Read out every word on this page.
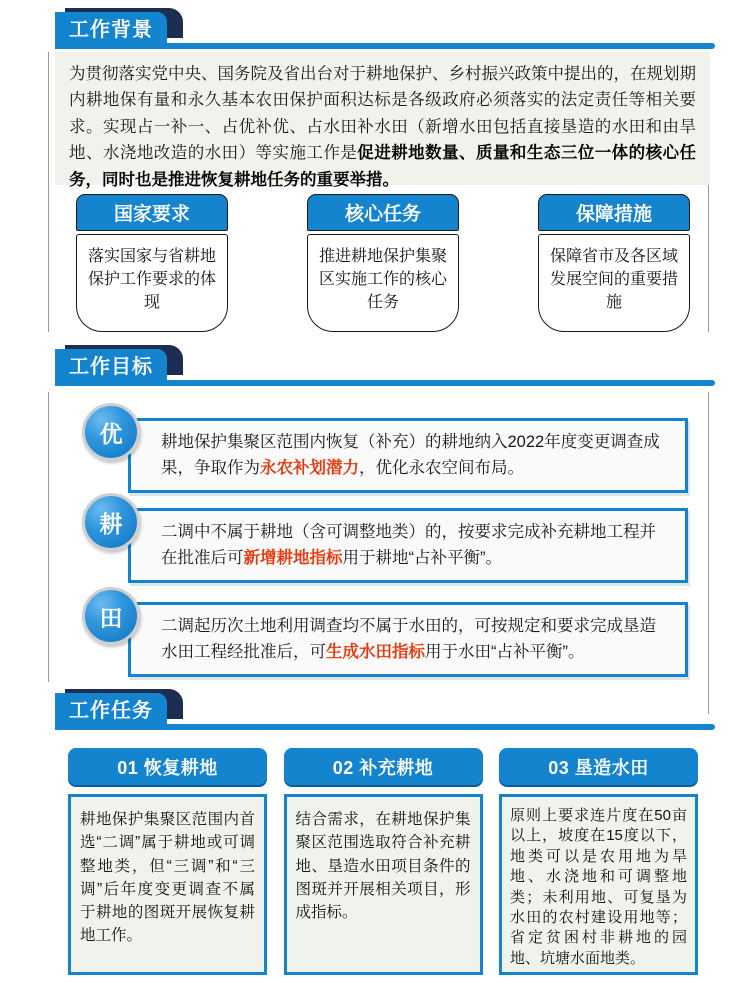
工作背景
为贯彻落实党中央、国务院及省出台对于耕地保护、乡村振兴政策中提出的，在规划期内耕地保有量和永久基本农田保护面积达标是各级政府必须落实的法定责任等相关要求。实现占一补一、占优补优、占水田补水田（新增水田包括直接垦造的水田和由旱地、水浇地改造的水田）等实施工作是促进耕地数量、质量和生态三位一体的核心任务，同时也是推进恢复耕地任务的重要举措。
国家要求
落实国家与省耕地保护工作要求的体现
核心任务
推进耕地保护集聚区实施工作的核心任务
保障措施
保障省市及各区域发展空间的重要措施
工作目标
优	耕地保护集聚区范围内恢复（补充）的耕地纳入2022年度变更调查成果，争取作为永农补划潜力，优化永农空间布局。
耕	二调中不属于耕地（含可调整地类）的，按要求完成补充耕地工程并在批准后可新增耕地指标用于耕地“占补平衡”。
田	二调起历次土地利用调查均不属于水田的，可按规定和要求完成垦造水田工程经批准后，可生成水田指标用于水田“占补平衡”。
工作任务
01 恢复耕地
耕地保护集聚区范围内首选“二调”属于耕地或可调整地类，但“三调”和“三调”后年度变更调查不属于耕地的图斑开展恢复耕地工作。
02 补充耕地
结合需求，在耕地保护集聚区范围选取符合补充耕地、垦造水田项目条件的图斑并开展相关项目，形成指标。
03 垦造水田
原则上要求连片度在50亩以上，坡度在15度以下，地类可以是农用地为旱地、水浇地和可调整地类；未利用地、可复垦为水田的农村建设用地等；省定贫困村非耕地的园地、坑塘水面地类。
